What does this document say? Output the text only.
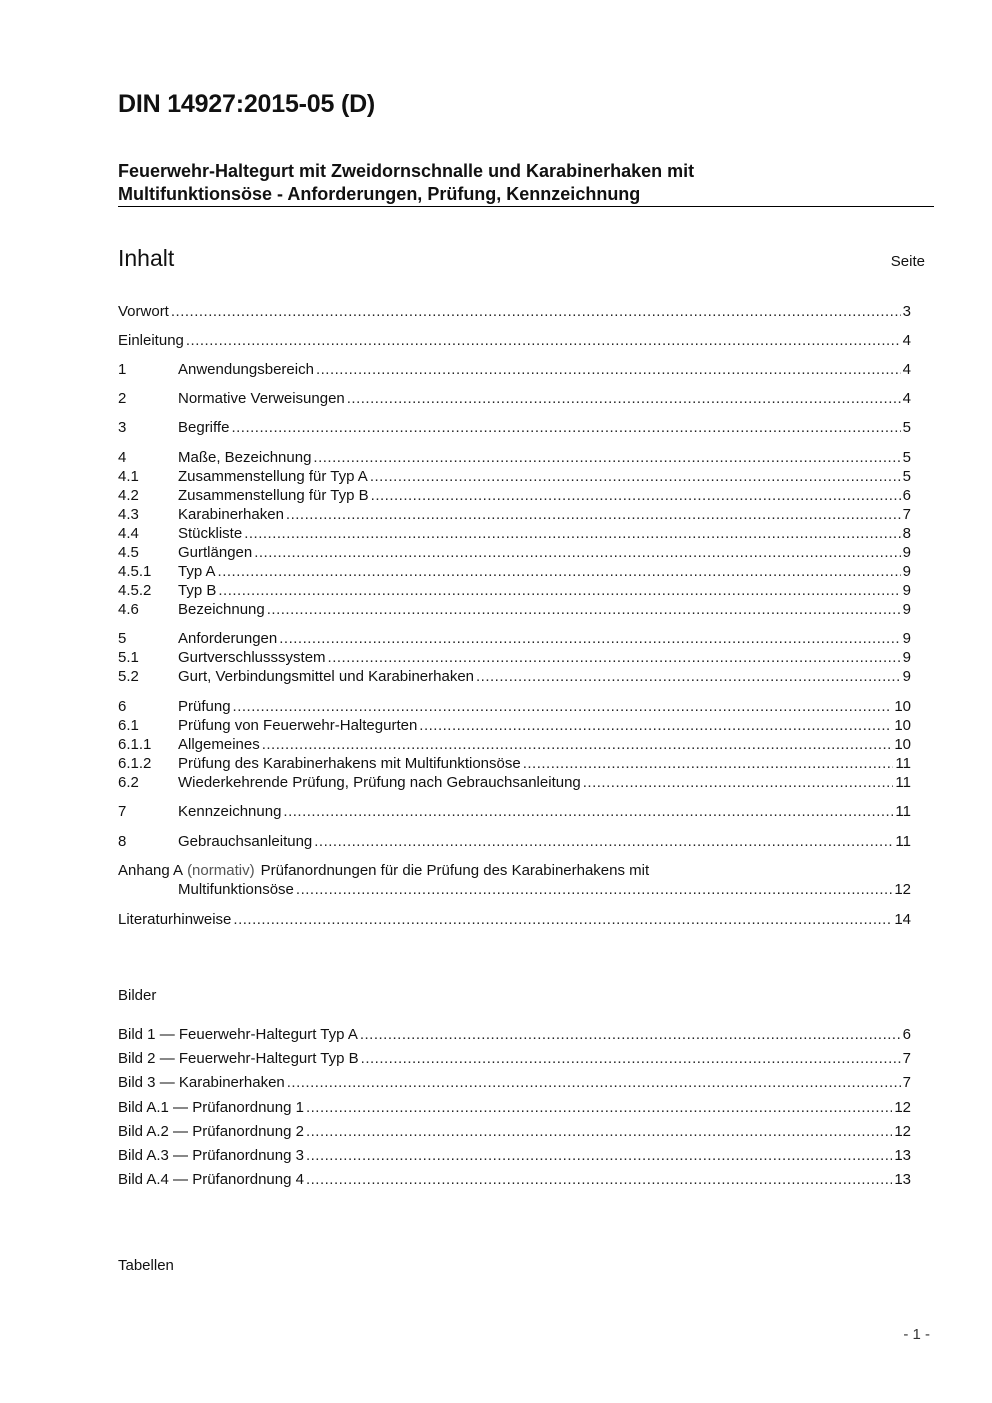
DIN 14927:2015-05 (D)
Feuerwehr-Haltegurt mit Zweidornschnalle und Karabinerhaken mit
Multifunktionsöse - Anforderungen, Prüfung, Kennzeichnung
Inhalt	Seite
Vorwort .....	3
Einleitung .....	4
1	Anwendungsbereich .....	4
2	Normative Verweisungen .....	4
3	Begriffe .....	5
4	Maße, Bezeichnung .....	5
4.1	Zusammenstellung für Typ A .....	5
4.2	Zusammenstellung für Typ B .....	6
4.3	Karabinerhaken .....	7
4.4	Stückliste .....	8
4.5	Gurtlängen .....	9
4.5.1	Typ A .....	9
4.5.2	Typ B .....	9
4.6	Bezeichnung .....	9
5	Anforderungen .....	9
5.1	Gurtverschlusssystem .....	9
5.2	Gurt, Verbindungsmittel und Karabinerhaken .....	9
6	Prüfung .....	10
6.1	Prüfung von Feuerwehr-Haltegurten .....	10
6.1.1	Allgemeines .....	10
6.1.2	Prüfung des Karabinerhakens mit Multifunktionsöse .....	11
6.2	Wiederkehrende Prüfung, Prüfung nach Gebrauchsanleitung .....	11
7	Kennzeichnung .....	11
8	Gebrauchsanleitung .....	11
Anhang A (normativ) Prüfanordnungen für die Prüfung des Karabinerhakens mit
Multifunktionsöse .....	12
Literaturhinweise .....	14
Bilder
Bild 1 — Feuerwehr-Haltegurt Typ A .....	6
Bild 2 — Feuerwehr-Haltegurt Typ B .....	7
Bild 3 — Karabinerhaken .....	7
Bild A.1 — Prüfanordnung 1 .....	12
Bild A.2 — Prüfanordnung 2 .....	12
Bild A.3 — Prüfanordnung 3 .....	13
Bild A.4 — Prüfanordnung 4 .....	13
Tabellen
- 1 -
